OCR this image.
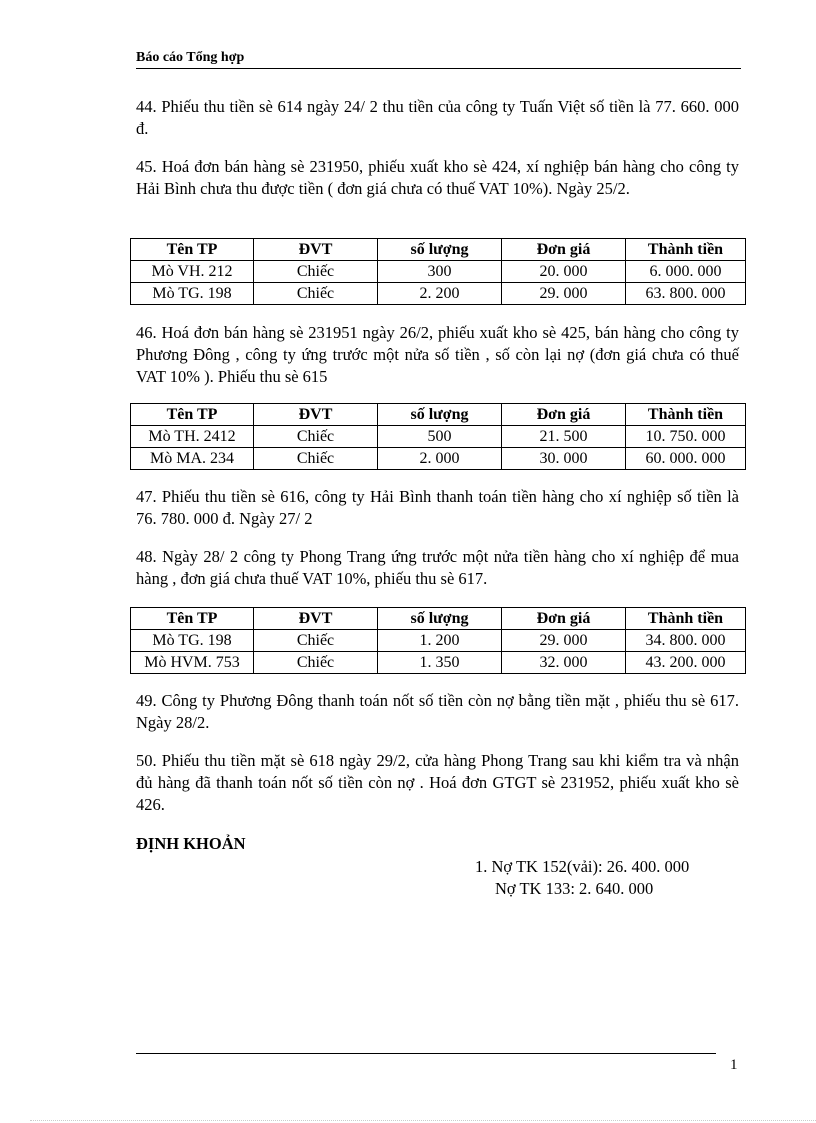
Báo cáo Tổng hợp

44. Phiếu thu tiền sè 614 ngày 24/ 2 thu tiền của công ty Tuấn Việt số tiền là 77. 660. 000 đ.

45. Hoá đơn bán hàng sè 231950, phiếu xuất kho sè 424, xí nghiệp bán hàng cho công ty Hải Bình chưa thu được tiền ( đơn giá chưa có thuế VAT 10%). Ngày 25/2.

Tên TP	ĐVT	số lượng	Đơn giá	Thành tiền
Mò VH. 212	Chiếc	300	20. 000	6. 000. 000
Mò TG. 198	Chiếc	2. 200	29. 000	63. 800. 000

46. Hoá đơn bán hàng sè 231951 ngày 26/2, phiếu xuất kho sè 425, bán hàng cho công ty Phương Đông , công ty ứng trước một nửa số tiền , số còn lại nợ (đơn giá chưa có thuế VAT 10% ). Phiếu thu sè 615

Tên TP	ĐVT	số lượng	Đơn giá	Thành tiền
Mò TH. 2412	Chiếc	500	21. 500	10. 750. 000
Mò MA. 234	Chiếc	2. 000	30. 000	60. 000. 000

47. Phiếu thu tiền sè 616, công ty Hải Bình thanh toán tiền hàng cho xí nghiệp số tiền là 76. 780. 000 đ. Ngày 27/ 2

48. Ngày 28/ 2 công ty Phong Trang ứng trước một nửa tiền hàng cho xí nghiệp để mua hàng , đơn giá chưa thuế VAT 10%, phiếu thu sè 617.

Tên TP	ĐVT	số lượng	Đơn giá	Thành tiền
Mò TG. 198	Chiếc	1. 200	29. 000	34. 800. 000
Mò HVM. 753	Chiếc	1. 350	32. 000	43. 200. 000

49. Công ty Phương Đông thanh toán nốt số tiền còn nợ bằng tiền mặt , phiếu thu sè 617. Ngày 28/2.

50. Phiếu thu tiền mặt sè 618 ngày 29/2, cửa hàng Phong Trang sau khi kiểm tra và nhận đủ hàng đã thanh toán nốt số tiền còn nợ . Hoá đơn GTGT sè 231952, phiếu xuất kho sè 426.

ĐỊNH KHOẢN

1. Nợ TK 152(vải): 26. 400. 000
Nợ TK 133: 2. 640. 000
1
